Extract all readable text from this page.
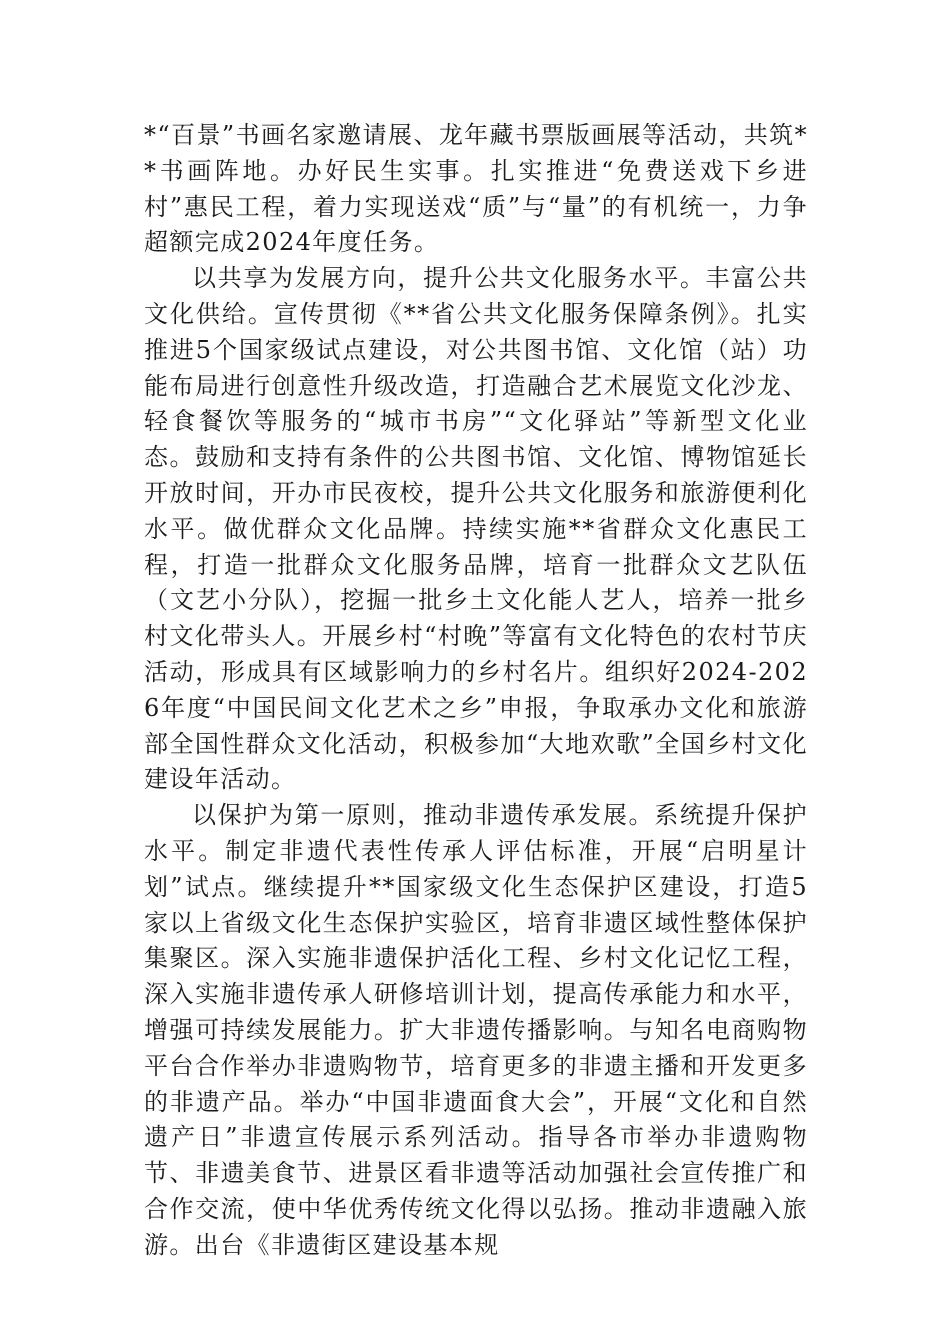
*“百景”书画名家邀请展、龙年藏书票版画展等活动，共筑**书画阵地。办好民生实事。扎实推进“免费送戏下乡进村”惠民工程，着力实现送戏“质”与“量”的有机统一，力争超额完成2024年度任务。

以共享为发展方向，提升公共文化服务水平。丰富公共文化供给。宣传贯彻《**省公共文化服务保障条例》。扎实推进5个国家级试点建设，对公共图书馆、文化馆（站）功能布局进行创意性升级改造，打造融合艺术展览文化沙龙、轻食餐饮等服务的“城市书房”“文化驿站”等新型文化业态。鼓励和支持有条件的公共图书馆、文化馆、博物馆延长开放时间，开办市民夜校，提升公共文化服务和旅游便利化水平。做优群众文化品牌。持续实施**省群众文化惠民工程，打造一批群众文化服务品牌，培育一批群众文艺队伍（文艺小分队），挖掘一批乡土文化能人艺人，培养一批乡村文化带头人。开展乡村“村晚”等富有文化特色的农村节庆活动，形成具有区域影响力的乡村名片。组织好2024-2026年度“中国民间文化艺术之乡”申报，争取承办文化和旅游部全国性群众文化活动，积极参加“大地欢歌”全国乡村文化建设年活动。

以保护为第一原则，推动非遗传承发展。系统提升保护水平。制定非遗代表性传承人评估标准，开展“启明星计划”试点。继续提升**国家级文化生态保护区建设，打造5家以上省级文化生态保护实验区，培育非遗区域性整体保护集聚区。深入实施非遗保护活化工程、乡村文化记忆工程，深入实施非遗传承人研修培训计划，提高传承能力和水平，增强可持续发展能力。扩大非遗传播影响。与知名电商购物平台合作举办非遗购物节，培育更多的非遗主播和开发更多的非遗产品。举办“中国非遗面食大会”，开展“文化和自然遗产日”非遗宣传展示系列活动。指导各市举办非遗购物节、非遗美食节、进景区看非遗等活动加强社会宣传推广和合作交流，使中华优秀传统文化得以弘扬。推动非遗融入旅游。出台《非遗街区建设基本规
